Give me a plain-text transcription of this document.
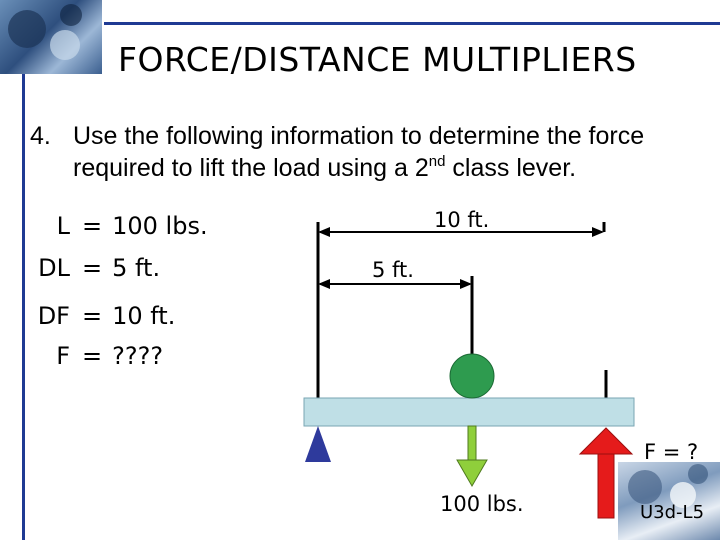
FORCE/DISTANCE MULTIPLIERS
4. Use the following information to determine the force
required to lift the load using a 2nd class lever.
L = 100 lbs.
DL = 5 ft.
DF = 10 ft.
F = ????
10 ft.
5 ft.
F = ?
100 lbs.	U3d-L5
